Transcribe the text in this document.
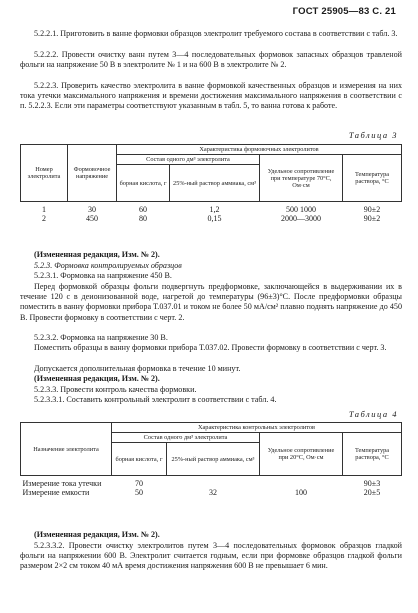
ГОСТ 25905—83 С. 21
5.2.2.1. Приготовить в ванне формовки образцов электролит требуемого состава в соответствии с табл. 3.
5.2.2.2. Провести очистку ванн путем 3—4 последовательных формовок запасных образцов травленой фольги на напряжение 50 В в электролите № 1 и на 600 В в электролите № 2.
5.2.2.3. Проверить качество электролита в ванне формовкой качественных образцов и измерения на них тока утечки максимального напряжения и времени достижения максимального напряжения в соответствии с п. 5.2.2.3. Если эти параметры соответствуют указанным в табл. 5, то ванна готова к работе.
Таблица 3
Номер электролита	Формовочное напряжение	Характеристика формовочных электролитов			
		Состав одного дм³ электролита		Удельное сопротивление при температуре 70°С, Ом·см	Температура раствора, °С
		борная кислота, г	25%-ный раствор аммиака, см³		
1	30	60	1,2	500 1000	90±2
2	450	80	0,15	2000—3000	90±2
(Измененная редакция, Изм. № 2).
5.2.3. Формовка контролируемых образцов
5.2.3.1. Формовка на напряжение 450 В.
Перед формовкой образцы фольги подвергнуть предформовке, заключающейся в выдерживании их в течение 120 с в деионизованной воде, нагретой до температуры (96±3)°С. После предформовки образцы поместить в ванну формовки прибора Т.037.01 и током не более 50 мА/см² плавно поднять напряжение до 450 В. Провести формовку в соответствии с черт. 2.
5.2.3.2. Формовка на напряжение 30 В.
Поместить образцы в ванну формовки прибора Т.037.02. Провести формовку в соответствии с черт. 3.
Допускается дополнительная формовка в течение 10 минут.
(Измененная редакция, Изм. № 2).
5.2.3.3. Провести контроль качества формовки.
5.2.3.3.1. Составить контрольный электролит в соответствии с табл. 4.
Таблица 4
Назначение электролита	Характеристика контрольных электролитов			
	Состав одного дм³ электролита		Удельное сопротивление при 20°С, Ом·см	Температура раствора, °С
	борная кислота, г	25%-ный раствор аммиака, см³		
Измерение тока утечки	70			90±3
Измерение емкости	50	32	100	20±5
(Измененная редакция, Изм. № 2).
5.2.3.3.2. Провести очистку электролитов путем 3—4 последовательных формовок образцов гладкой фольги на напряжении 600 В. Электролит считается годным, если при формовке образцов гладкой фольги размером 2×2 см током 40 мА время достижения напряжения 600 В не превышает 6 мин.
